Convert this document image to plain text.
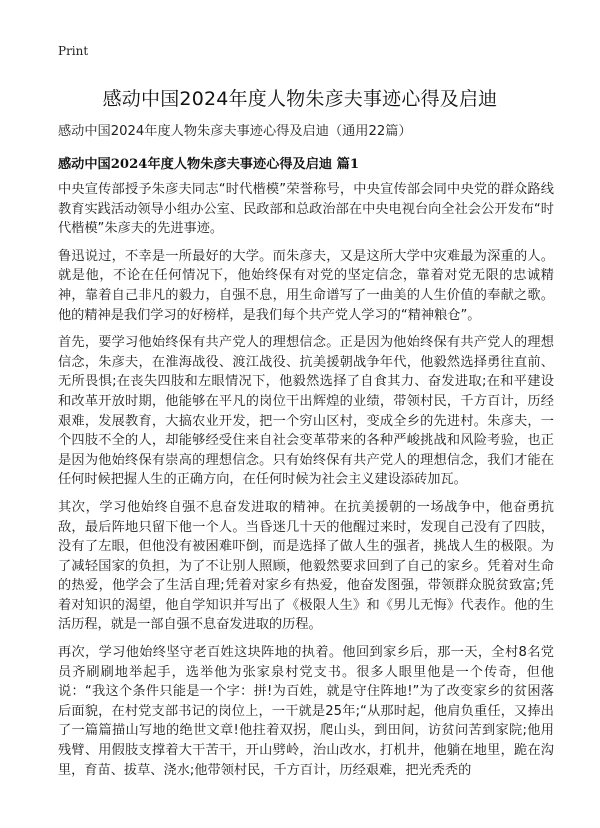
Print
感动中国2024年度人物朱彦夫事迹心得及启迪
感动中国2024年度人物朱彦夫事迹心得及启迪（通用22篇）
感动中国2024年度人物朱彦夫事迹心得及启迪 篇1

中央宣传部授予朱彦夫同志“时代楷模”荣誉称号，中央宣传部会同中央党的群众路线教育实践活动领导小组办公室、民政部和总政治部在中央电视台向全社会公开发布“时代楷模”朱彦夫的先进事迹。

鲁迅说过，不幸是一所最好的大学。而朱彦夫，又是这所大学中灾难最为深重的人。就是他，不论在任何情况下，他始终保有对党的坚定信念，靠着对党无限的忠诚精神，靠着自己非凡的毅力，自强不息，用生命谱写了一曲美的人生价值的奉献之歌。他的精神是我们学习的好榜样，是我们每个共产党人学习的“精神粮仓”。

首先，要学习他始终保有共产党人的理想信念。正是因为他始终保有共产党人的理想信念，朱彦夫，在淮海战役、渡江战役、抗美援朝战争年代，他毅然选择勇往直前、无所畏惧;在丧失四肢和左眼情况下，他毅然选择了自食其力、奋发进取;在和平建设和改革开放时期，他能够在平凡的岗位干出辉煌的业绩，带领村民，千方百计，历经艰难，发展教育，大搞农业开发，把一个穷山区村，变成全乡的先进村。朱彦夫，一个四肢不全的人，却能够经受住来自社会变革带来的各种严峻挑战和风险考验，也正是因为他始终保有崇高的理想信念。只有始终保有共产党人的理想信念，我们才能在任何时候把握人生的正确方向，在任何时候为社会主义建设添砖加瓦。

其次，学习他始终自强不息奋发进取的精神。在抗美援朝的一场战争中，他奋勇抗敌，最后阵地只留下他一个人。当昏迷几十天的他醒过来时，发现自己没有了四肢，没有了左眼，但他没有被困难吓倒，而是选择了做人生的强者，挑战人生的极限。为了减轻国家的负担，为了不让别人照顾，他毅然要求回到了自己的家乡。凭着对生命的热爱，他学会了生活自理;凭着对家乡有热爱，他奋发图强，带领群众脱贫致富;凭着对知识的渴望，他自学知识并写出了《极限人生》和《男儿无悔》代表作。他的生活历程，就是一部自强不息奋发进取的历程。

再次，学习他始终坚守老百姓这块阵地的执着。他回到家乡后，那一天，全村8名党员齐刷刷地举起手，选举他为张家泉村党支书。很多人眼里他是一个传奇，但他说：“我这个条件只能是一个字：拼!为百姓，就是守住阵地!”为了改变家乡的贫困落后面貌，在村党支部书记的岗位上，一干就是25年;“从那时起，他肩负重任，又捧出了一篇篇描山写地的绝世文章!他拄着双拐，爬山头，到田间，访贫问苦到家院;他用残臂、用假肢支撑着大干苦干，开山劈岭，治山改水，打机井，他躺在地里，跪在沟里，育苗、拔草、浇水;他带领村民，千方百计，历经艰难，把光秃秃的
